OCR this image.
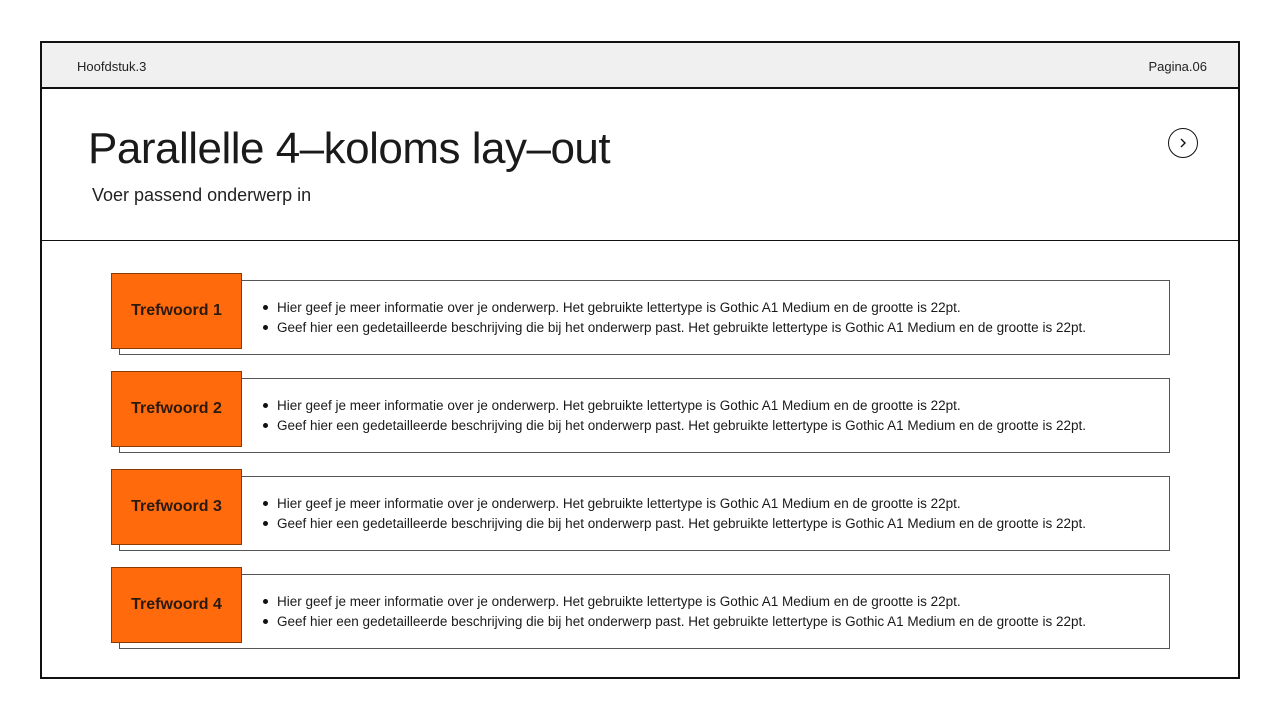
Hoofdstuk.3	Pagina.06
Parallelle 4–koloms lay–out
Voer passend onderwerp in
Trefwoord 1	Hier geef je meer informatie over je onderwerp. Het gebruikte lettertype is Gothic A1 Medium en de grootte is 22pt.
Geef hier een gedetailleerde beschrijving die bij het onderwerp past. Het gebruikte lettertype is Gothic A1 Medium en de grootte is 22pt.
Trefwoord 2	Hier geef je meer informatie over je onderwerp. Het gebruikte lettertype is Gothic A1 Medium en de grootte is 22pt.
Geef hier een gedetailleerde beschrijving die bij het onderwerp past. Het gebruikte lettertype is Gothic A1 Medium en de grootte is 22pt.
Trefwoord 3	Hier geef je meer informatie over je onderwerp. Het gebruikte lettertype is Gothic A1 Medium en de grootte is 22pt.
Geef hier een gedetailleerde beschrijving die bij het onderwerp past. Het gebruikte lettertype is Gothic A1 Medium en de grootte is 22pt.
Trefwoord 4	Hier geef je meer informatie over je onderwerp. Het gebruikte lettertype is Gothic A1 Medium en de grootte is 22pt.
Geef hier een gedetailleerde beschrijving die bij het onderwerp past. Het gebruikte lettertype is Gothic A1 Medium en de grootte is 22pt.
